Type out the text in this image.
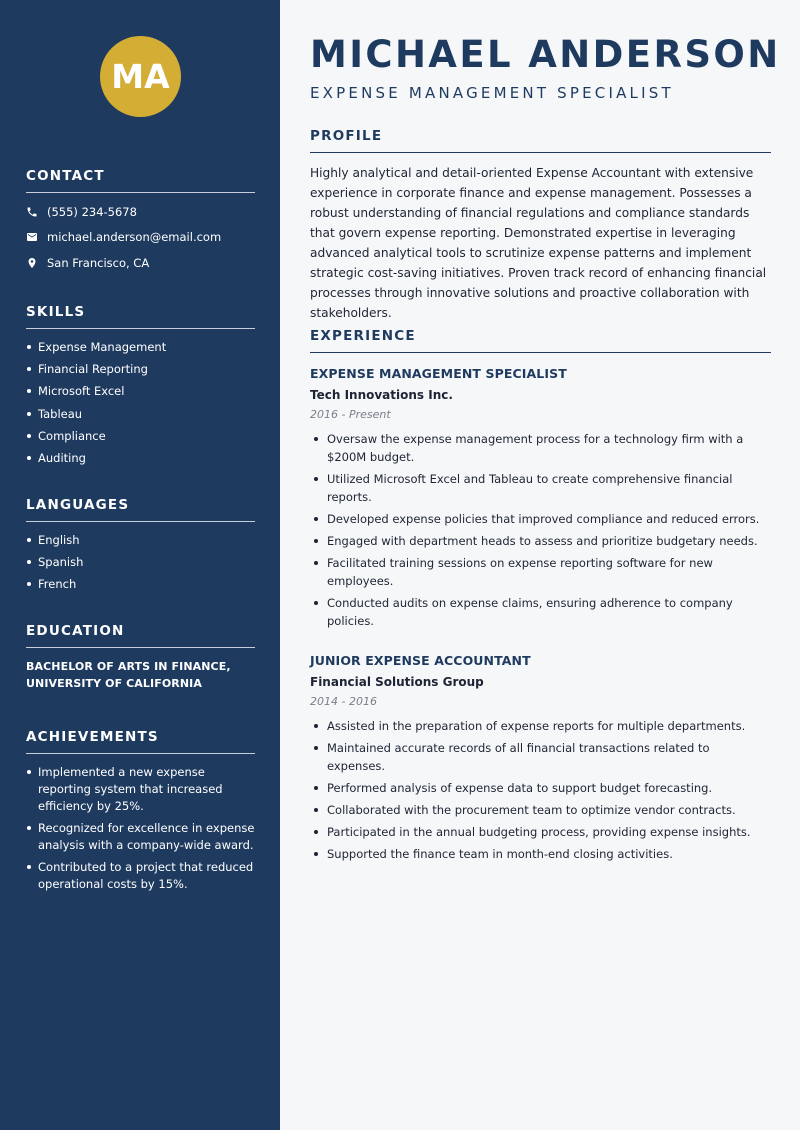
MA
CONTACT
(555) 234-5678
michael.anderson@email.com
San Francisco, CA
SKILLS
Expense Management
Financial Reporting
Microsoft Excel
Tableau
Compliance
Auditing
LANGUAGES
English
Spanish
French
EDUCATION
BACHELOR OF ARTS IN FINANCE,
UNIVERSITY OF CALIFORNIA
ACHIEVEMENTS
Implemented a new expense reporting system that increased efficiency by 25%.
Recognized for excellence in expense analysis with a company-wide award.
Contributed to a project that reduced operational costs by 15%.
MICHAEL ANDERSON
EXPENSE MANAGEMENT SPECIALIST
PROFILE
Highly analytical and detail-oriented Expense Accountant with extensive experience in corporate finance and expense management. Possesses a robust understanding of financial regulations and compliance standards that govern expense reporting. Demonstrated expertise in leveraging advanced analytical tools to scrutinize expense patterns and implement strategic cost-saving initiatives. Proven track record of enhancing financial processes through innovative solutions and proactive collaboration with stakeholders.
EXPERIENCE
EXPENSE MANAGEMENT SPECIALIST
Tech Innovations Inc.
2016 - Present
Oversaw the expense management process for a technology firm with a $200M budget.
Utilized Microsoft Excel and Tableau to create comprehensive financial reports.
Developed expense policies that improved compliance and reduced errors.
Engaged with department heads to assess and prioritize budgetary needs.
Facilitated training sessions on expense reporting software for new employees.
Conducted audits on expense claims, ensuring adherence to company policies.
JUNIOR EXPENSE ACCOUNTANT
Financial Solutions Group
2014 - 2016
Assisted in the preparation of expense reports for multiple departments.
Maintained accurate records of all financial transactions related to expenses.
Performed analysis of expense data to support budget forecasting.
Collaborated with the procurement team to optimize vendor contracts.
Participated in the annual budgeting process, providing expense insights.
Supported the finance team in month-end closing activities.
